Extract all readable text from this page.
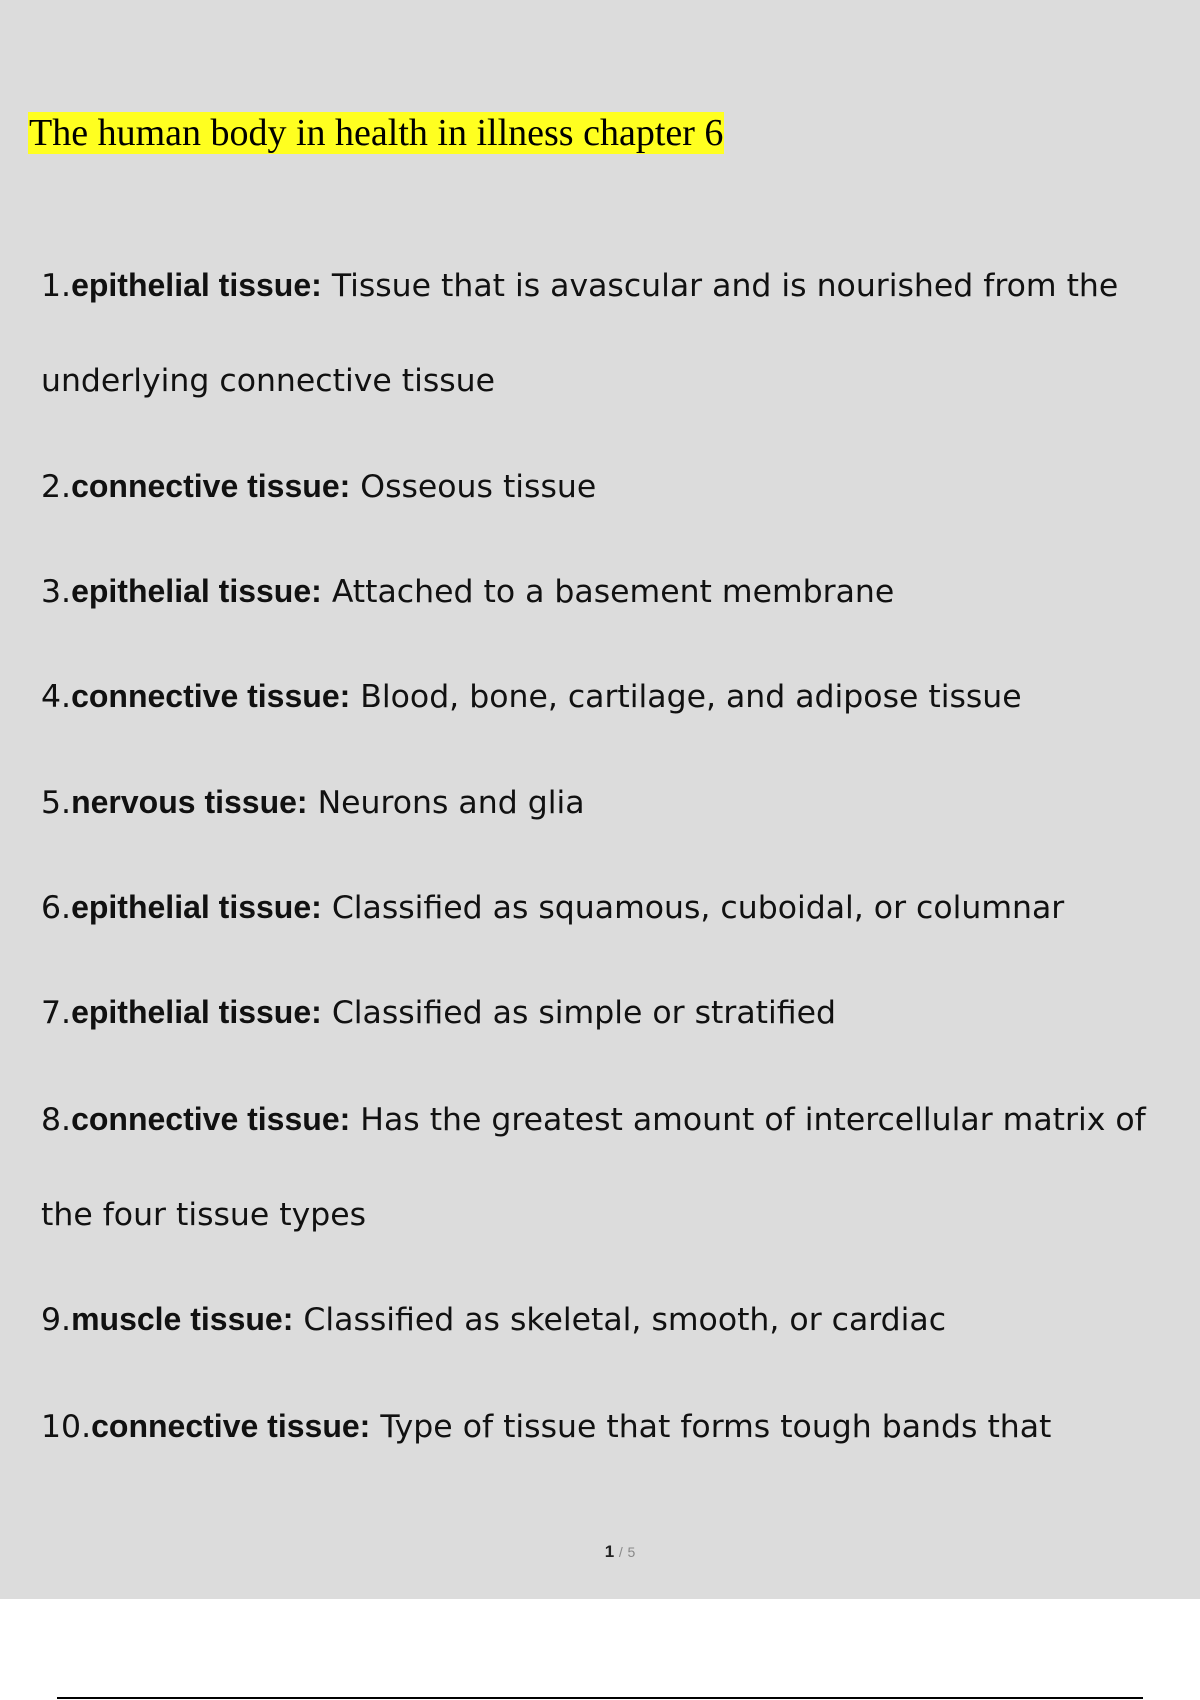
The human body in health in illness chapter 6
1.epithelial tissue: Tissue that is avascular and is nourished from the underlying connective tissue
2.connective tissue: Osseous tissue
3.epithelial tissue: Attached to a basement membrane
4.connective tissue: Blood, bone, cartilage, and adipose tissue
5.nervous tissue: Neurons and glia
6.epithelial tissue: Classified as squamous, cuboidal, or columnar
7.epithelial tissue: Classified as simple or stratified
8.connective tissue: Has the greatest amount of intercellular matrix of the four tissue types
9.muscle tissue: Classified as skeletal, smooth, or cardiac
10.connective tissue: Type of tissue that forms tough bands that
1 / 5
